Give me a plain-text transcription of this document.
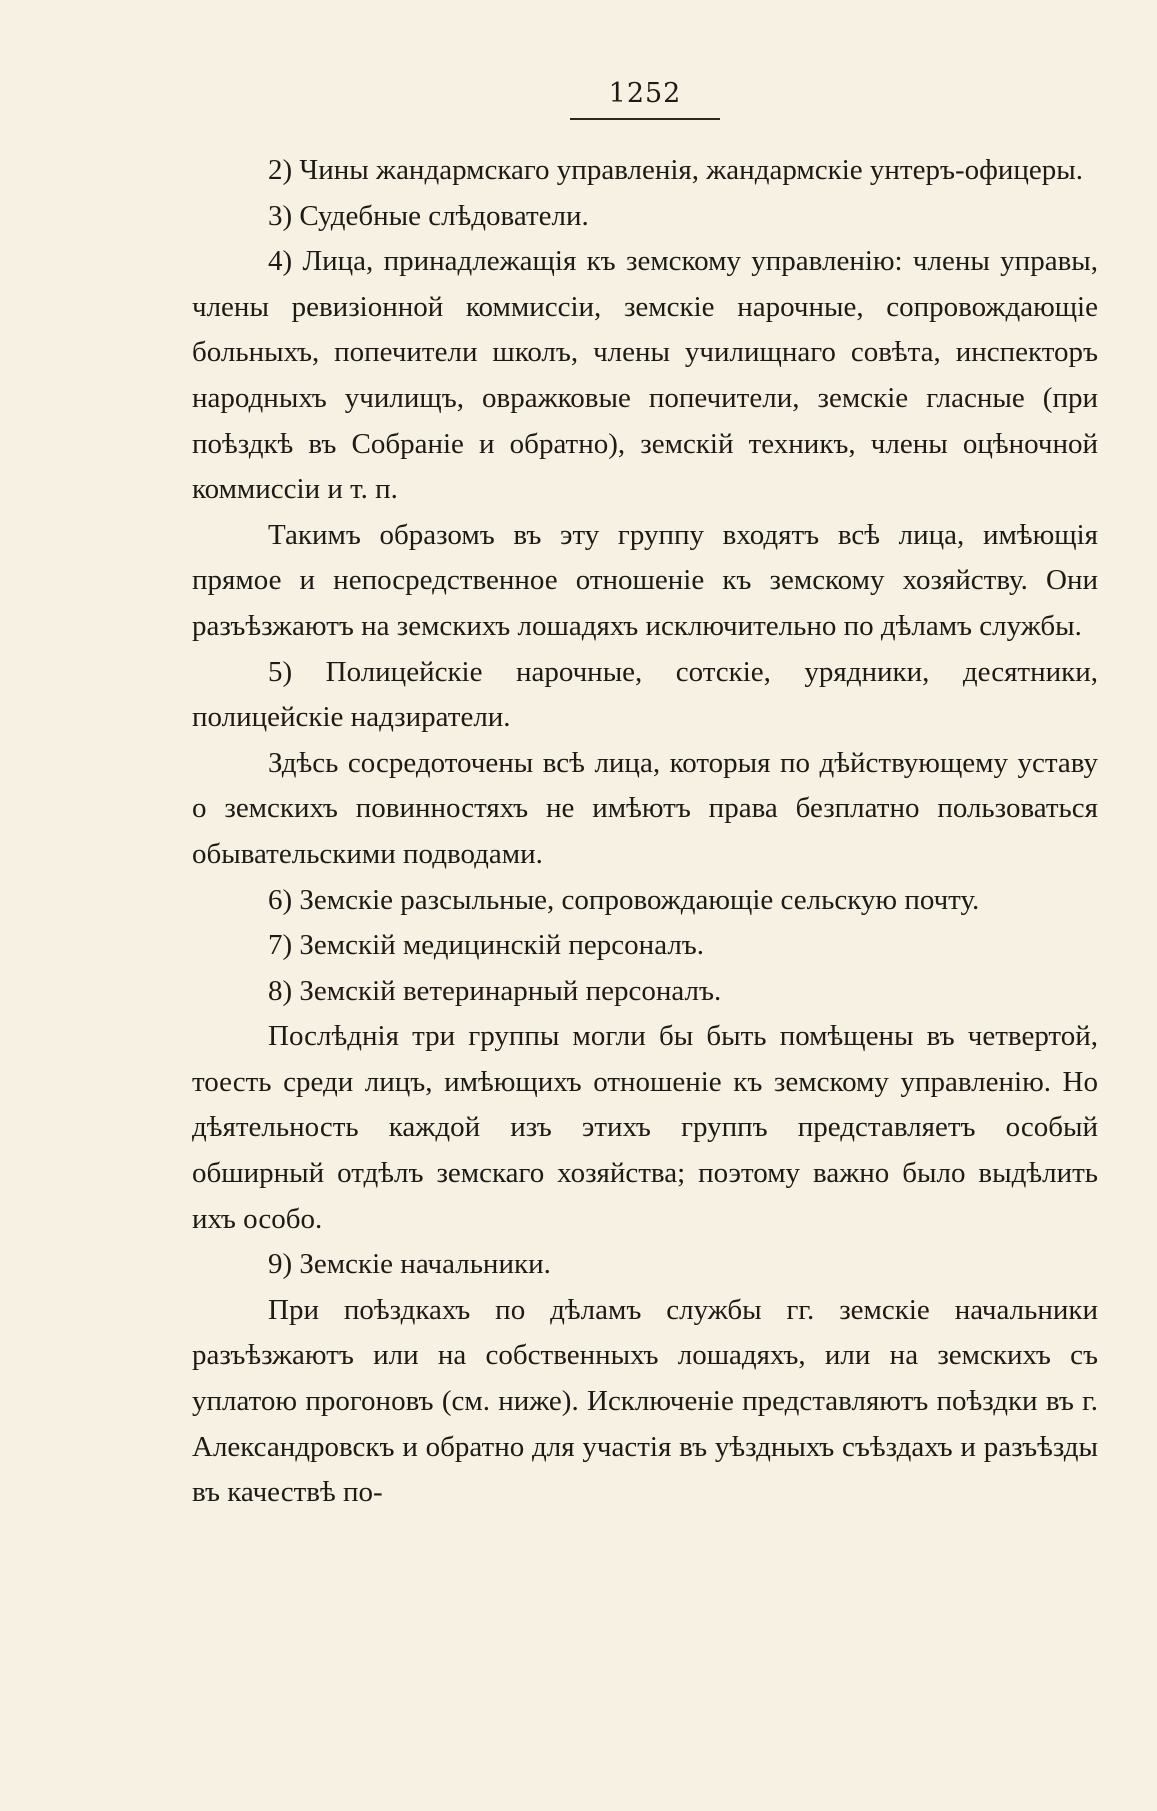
1252

2) Чины жандармскаго управленія, жандармскіе унтеръ-офицеры.

3) Судебные слѣдователи.

4) Лица, принадлежащія къ земскому управленію: члены управы, члены ревизіонной коммиссіи, земскіе нарочные, сопровождающіе больныхъ, попечители школъ, члены училищнаго совѣта, инспекторъ народныхъ училищъ, овражковые попечители, земскіе гласные (при поѣздкѣ въ Собраніе и обратно), земскій техникъ, члены оцѣночной коммиссіи и т. п.

Такимъ образомъ въ эту группу входятъ всѣ лица, имѣющія прямое и непосредственное отношеніе къ земскому хозяйству. Они разъѣзжаютъ на земскихъ лошадяхъ исключительно по дѣламъ службы.

5) Полицейскіе нарочные, сотскіе, урядники, десятники, полицейскіе надзиратели.

Здѣсь сосредоточены всѣ лица, которыя по дѣйствующему уставу о земскихъ повинностяхъ не имѣютъ права безплатно пользоваться обывательскими подводами.

6) Земскіе разсыльные, сопровождающіе сельскую почту.

7) Земскій медицинскій персоналъ.

8) Земскій ветеринарный персоналъ.

Послѣднія три группы могли бы быть помѣщены въ четвертой, тоесть среди лицъ, имѣющихъ отношеніе къ земскому управленію. Но дѣятельность каждой изъ этихъ группъ представляетъ особый обширный отдѣлъ земскаго хозяйства; поэтому важно было выдѣлить ихъ особо.

9) Земскіе начальники.

При поѣздкахъ по дѣламъ службы гг. земскіе начальники разъѣзжаютъ или на собственныхъ лошадяхъ, или на земскихъ съ уплатою прогоновъ (см. ниже). Исключеніе представляютъ поѣздки въ г. Александровскъ и обратно для участія въ уѣздныхъ съѣздахъ и разъѣзды въ качествѣ по-
